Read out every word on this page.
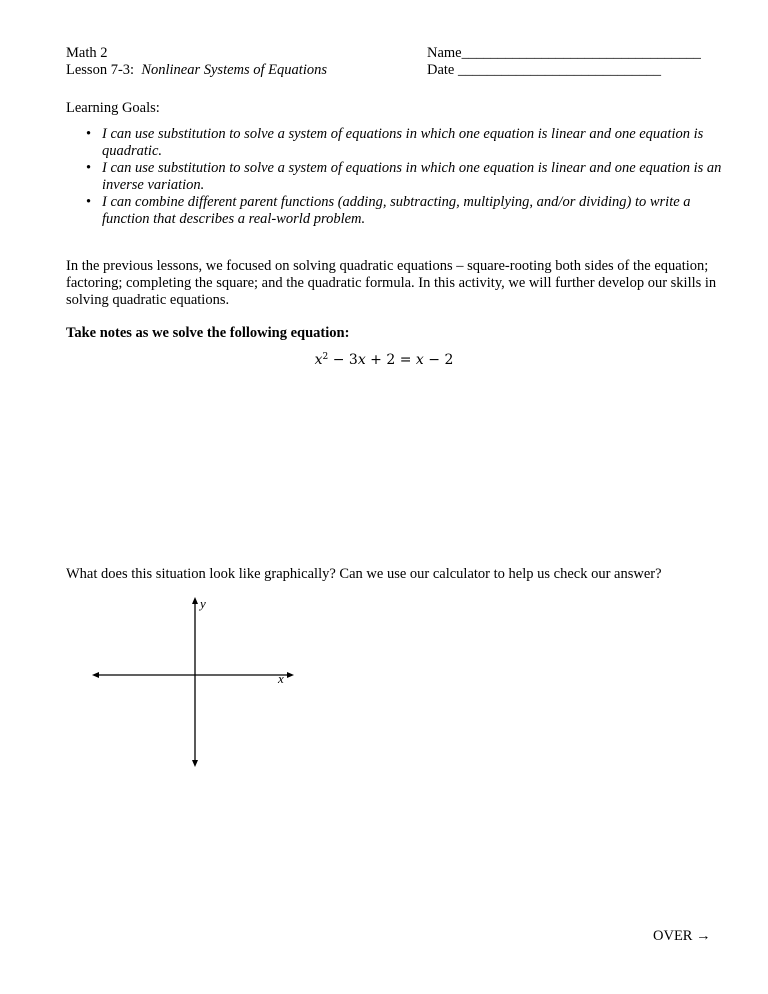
Math 2
Lesson 7-3:  Nonlinear Systems of Equations
Name_________________________________
Date ____________________________
Learning Goals:
• I can use substitution to solve a system of equations in which one equation is linear and one equation is quadratic.
• I can use substitution to solve a system of equations in which one equation is linear and one equation is an inverse variation.
• I can combine different parent functions (adding, subtracting, multiplying, and/or dividing) to write a function that describes a real-world problem.
In the previous lessons, we focused on solving quadratic equations – square-rooting both sides of the equation; factoring; completing the square; and the quadratic formula. In this activity, we will further develop our skills in solving quadratic equations.
Take notes as we solve the following equation:
$x^2 - 3x + 2 = x - 2$
What does this situation look like graphically? Can we use our calculator to help us check our answer?
y
x
OVER →
